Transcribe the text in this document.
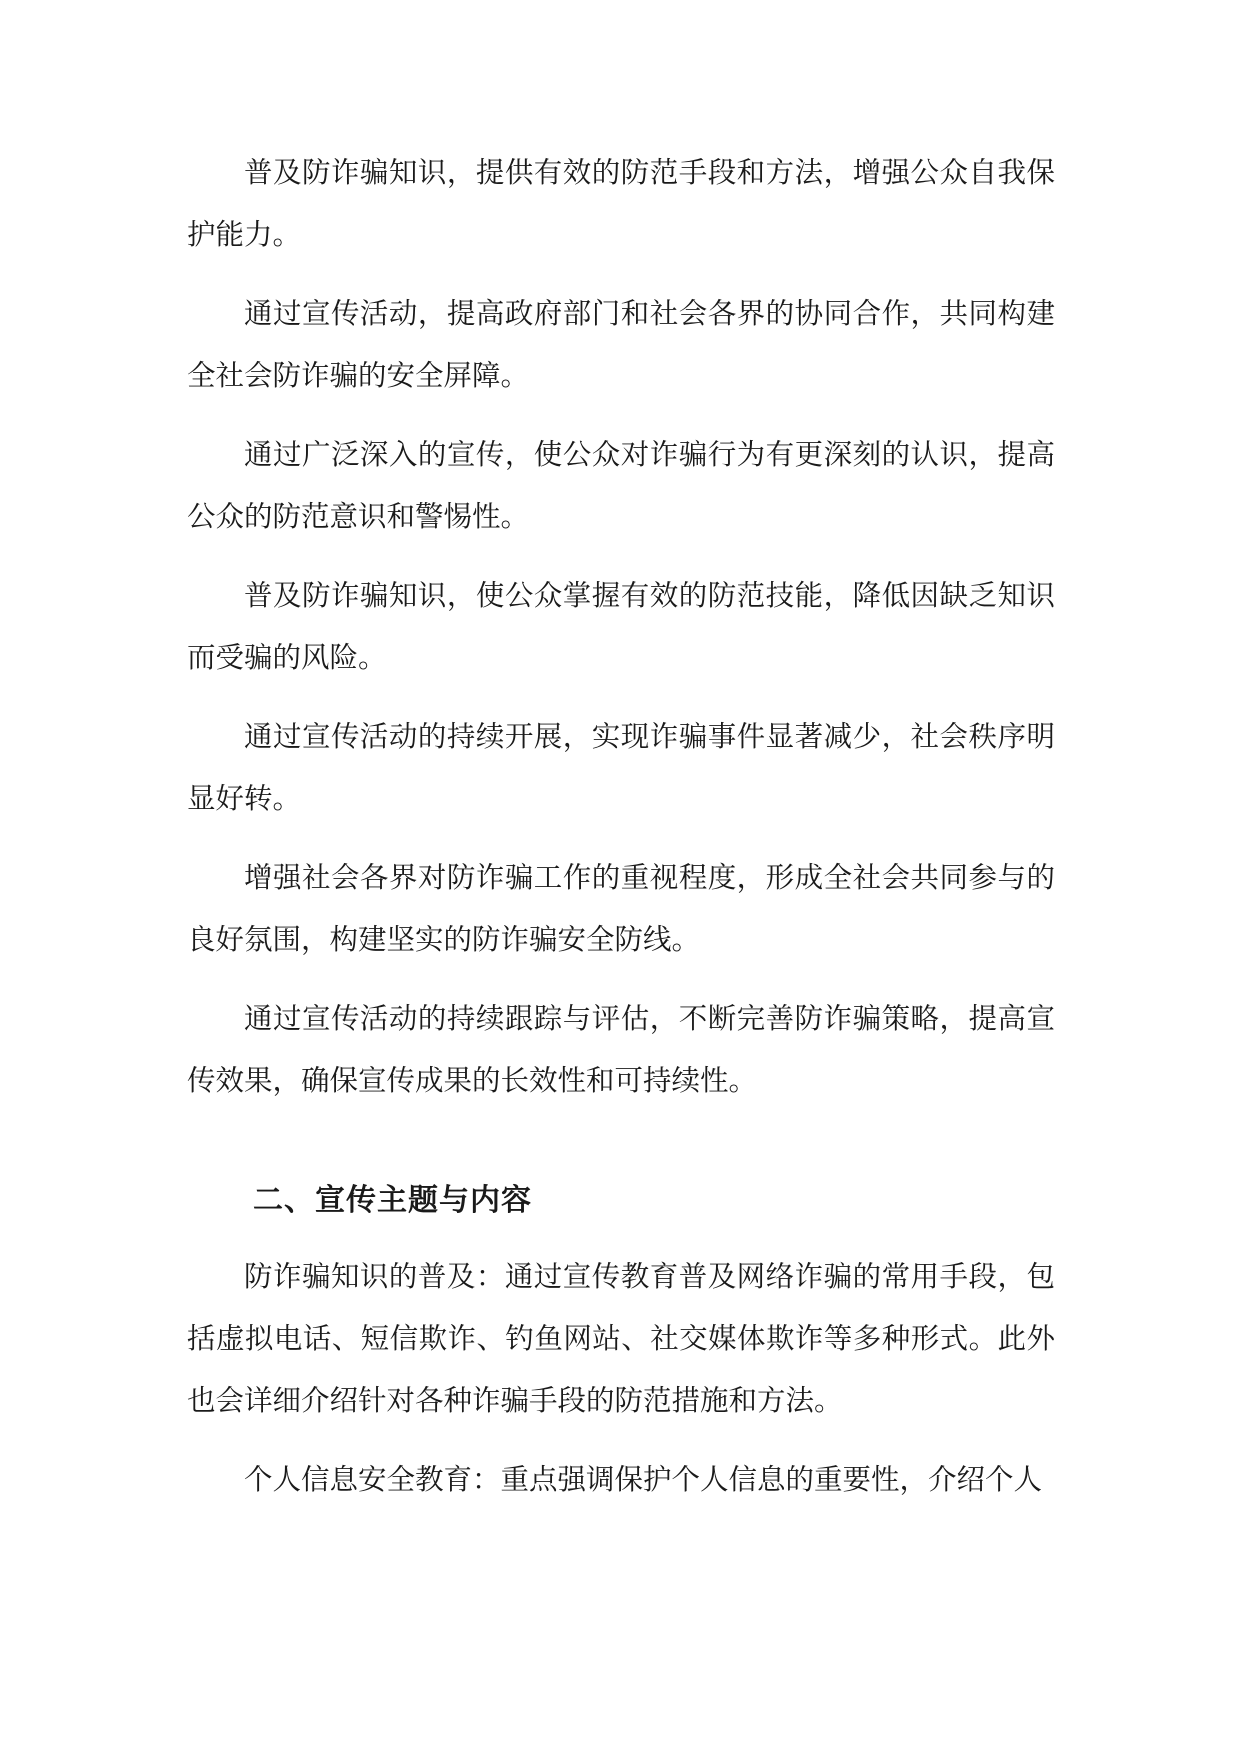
普及防诈骗知识，提供有效的防范手段和方法，增强公众自我保护能力。

通过宣传活动，提高政府部门和社会各界的协同合作，共同构建全社会防诈骗的安全屏障。

通过广泛深入的宣传，使公众对诈骗行为有更深刻的认识，提高公众的防范意识和警惕性。

普及防诈骗知识，使公众掌握有效的防范技能，降低因缺乏知识而受骗的风险。

通过宣传活动的持续开展，实现诈骗事件显著减少，社会秩序明显好转。

增强社会各界对防诈骗工作的重视程度，形成全社会共同参与的良好氛围，构建坚实的防诈骗安全防线。

通过宣传活动的持续跟踪与评估，不断完善防诈骗策略，提高宣传效果，确保宣传成果的长效性和可持续性。

二、宣传主题与内容

防诈骗知识的普及：通过宣传教育普及网络诈骗的常用手段，包括虚拟电话、短信欺诈、钓鱼网站、社交媒体欺诈等多种形式。此外也会详细介绍针对各种诈骗手段的防范措施和方法。

个人信息安全教育：重点强调保护个人信息的重要性，介绍个人
